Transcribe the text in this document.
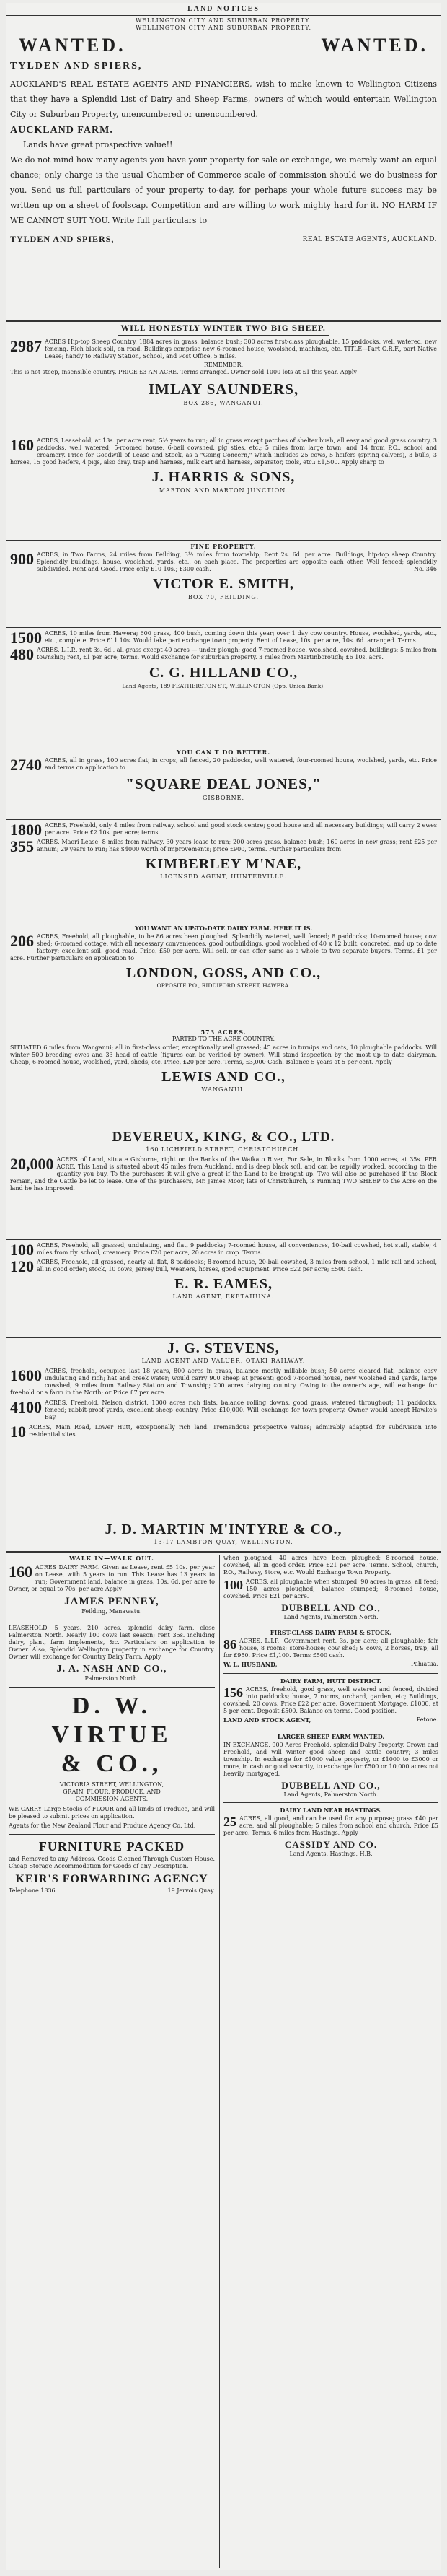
LAND NOTICES
WELLINGTON CITY AND SUBURBAN PROPERTY.
WELLINGTON CITY AND SUBURBAN PROPERTY.
WANTED.	WANTED.
TYLDEN AND SPIERS,

AUCKLAND'S REAL ESTATE AGENTS AND FINANCIERS, wish to make known to Wellington Citizens that they have a Splendid List of Dairy and Sheep Farms, owners of which would entertain Wellington City or Suburban Property, unencumbered or unencumbered.

AUCKLAND FARM.

Lands have great prospective value!!

We do not mind how many agents you have your property for sale or exchange, we merely want an equal chance; only charge is the usual Chamber of Commerce scale of commission should we do business for you. Send us full particulars of your property to-day, for perhaps your whole future success may be written up on a sheet of foolscap. Competition and are willing to work mighty hard for it. NO HARM IF WE CANNOT SUIT YOU. Write full particulars to

TYLDEN AND SPIERS,	REAL ESTATE AGENTS, AUCKLAND.
WILL HONESTLY WINTER TWO BIG SHEEP.
2987 ACRES Hip-top Sheep Country, 1884 acres in grass, balance bush; 300 acres first-class ploughable, 15 paddocks, well watered, new fencing. Rich black soil, on road. Buildings comprise new 6-roomed house, woolshed, machines, etc. TITLE—Part O.R.F., part Native Lease; handy to Railway Station, School, and Post Office, 5 miles.
REMEMBER,
This is not steep, insensible country. PRICE £3 AN ACRE. Terms arranged. Owner sold 1000 lots at £1 this year. Apply
IMLAY SAUNDERS,
BOX 286, WANGANUI.
160 ACRES, Leasehold, at 13s. per acre rent; 5½ years to run; all in grass except patches of shelter bush, all easy and good grass country, 3 paddocks, well watered; 5-roomed house, 6-bail cowshed, pig sties, etc.; 5 miles from large town, and 14 from P.O., school and creamery. Price for Goodwill of Lease and Stock, as a "Going Concern," which includes 25 cows, 5 heifers (spring calvers), 3 bulls, 3 horses, 15 good heifers, 4 pigs, also dray, trap and harness, milk cart and harness, separator, tools, etc.: £1,500. Apply sharp to
J. HARRIS & SONS,
MARTON AND MARTON JUNCTION.
FINE PROPERTY.
900 ACRES, in Two Farms, 24 miles from Feilding, 3½ miles from township; Rent 2s. 6d. per acre. Buildings, hip-top sheep Country. Splendidly buildings, house, woolshed, yards, etc., on each place. The properties are opposite each other. Well fenced; splendidly subdivided. Rent and Good. Price only £10 10s.; £300 cash.	No. 346
VICTOR E. SMITH,
BOX 70, FEILDING.
1500 ACRES, 10 miles from Hawera; 600 grass, 400 bush, coming down this year; over 1 day cow country. House, woolshed, yards, etc., etc., complete. Price £11 10s. Would take part exchange town property. Rent of Lease, 10s. per acre, 10s. 6d. arranged. Terms.
480 ACRES, L.I.P., rent 3s. 6d., all grass except 40 acres — under plough; good 7-roomed house, woolshed, cowshed, buildings; 5 miles from township; rent, £1 per acre; terms. Would exchange for suburban property. 3 miles from Martinborough; £6 10s. acre.
C. G. HILLAND CO.,
Land Agents, 189 FEATHERSTON ST., WELLINGTON (Opp. Union Bank).
YOU CAN'T DO BETTER.
2740 ACRES, all in grass, 100 acres flat; in crops, all fenced, 20 paddocks, well watered, four-roomed house, woolshed, yards, etc. Price and terms on application to
"SQUARE DEAL JONES,"
GISBORNE.
1800 ACRES, Freehold, only 4 miles from railway, school and good stock centre; good house and all necessary buildings; will carry 2 ewes per acre. Price £2 10s. per acre; terms.
355 ACRES, Maori Lease, 8 miles from railway, 30 years lease to run; 200 acres grass, balance bush; 160 acres in new grass; rent £25 per annum; 29 years to run; has $4000 worth of improvements; price £900, terms. Further particulars from
KIMBERLEY M'NAE,
LICENSED AGENT, HUNTERVILLE.
YOU WANT AN UP-TO-DATE DAIRY FARM. HERE IT IS.
206 ACRES, Freehold, all ploughable, to be 86 acres been ploughed. Splendidly watered, well fenced; 8 paddocks; 10-roomed house; cow shed; 6-roomed cottage, with all necessary conveniences, good outbuildings, good woolshed of 40 x 12 built, concreted, and up to date factory; excellent soil, good road, Price, £50 per acre. Will sell, or can offer same as a whole to two separate buyers. Terms, £1 per acre. Further particulars on application to
LONDON, GOSS, AND CO.,
OPPOSITE P.O., RIDDIFORD STREET, HAWERA.
573 ACRES.
PARTED TO THE ACRE COUNTRY.
SITUATED 6 miles from Wanganui; all in first-class order, exceptionally well grassed; 45 acres in turnips and oats, 10 ploughable paddocks. Will winter 500 breeding ewes and 33 head of cattle (figures can be verified by owner). Will stand inspection by the most up to date dairyman. Cheap, 6-roomed house, woolshed, yard, sheds, etc. Price, £20 per acre. Terms, £3,000 Cash. Balance 5 years at 5 per cent. Apply
LEWIS AND CO.,
WANGANUI.
DEVEREUX, KING, & CO., LTD.
160 LICHFIELD STREET, CHRISTCHURCH.
20,000 ACRES of Land, situate Gisborne, right on the Banks of the Waikato River, For Sale, in Blocks from 1000 acres, at 35s. PER ACRE. This Land is situated about 45 miles from Auckland, and is deep black soil, and can be rapidly worked, according to the quantity you buy. To the purchasers it will give a great if the Land to be brought up. Two will also be purchased if the Block remain, and the Cattle be let to lease. One of the purchasers, Mr. James Moor, late of Christchurch, is running TWO SHEEP to the Acre on the land he has improved.
100 ACRES, Freehold, all grassed, undulating, and flat, 9 paddocks; 7-roomed house, all conveniences, 10-bail cowshed, hot stall, stable; 4 miles from rly. school, creamery. Price £20 per acre, 20 acres in crop. Terms.
120 ACRES, Freehold, all grassed, nearly all flat, 8 paddocks; 8-roomed house, 20-bail cowshed, 3 miles from school, 1 mile rail and school, all in good order; stock, 10 cows, Jersey bull, weaners, horses, good equipment. Price £22 per acre; £500 cash.
E. R. EAMES,
LAND AGENT, EKETAHUNA.
J. G. STEVENS,
LAND AGENT AND VALUER, OTAKI RAILWAY.
1600 ACRES, freehold, occupied last 18 years, 800 acres in grass, balance mostly millable bush; 50 acres cleared flat, balance easy undulating and rich; hat and creek water; would carry 900 sheep at present; good 7-roomed house, new woolshed and yards, large cowshed, 9 miles from Railway Station and Township; 200 acres dairying country. Owing to the owner's age, will exchange for freehold or a farm in the North; or Price £7 per acre.
4100 ACRES, Freehold, Nelson district, 1000 acres rich flats, balance rolling downs, good grass, watered throughout; 11 paddocks, fenced; rabbit-proof yards, excellent sheep country. Price £10,000. Will exchange for town property. Owner would accept Hawke's Bay.
10 ACRES, Main Road, Lower Hutt, exceptionally rich land. Tremendous prospective values; admirably adapted for subdivision into residential sites.
J. D. MARTIN M'INTYRE & CO.,
13-17 LAMBTON QUAY, WELLINGTON.
WALK IN—WALK OUT.
160 ACRES DAIRY FARM. Given as Lease, rent £5 10s. per year on Lease, with 5 years to run. This Lease has 13 years to run; Government land, balance in grass, 10s. 6d. per acre to Owner, or equal to 70s. per acre Apply
JAMES PENNEY,
Feilding, Manawatu.
LEASEHOLD, 5 years, 210 acres, splendid dairy farm, close Palmerston North. Nearly 100 cows last season; rent 35s. including dairy, plant, farm implements, &c. Particulars on application to Owner. Also, Splendid Wellington property in exchange for Country. Owner will exchange for Country Dairy Farm. Apply
J. A. NASH AND CO.,
Palmerston North.
D. W. VIRTUE
& CO.,
VICTORIA STREET, WELLINGTON,
GRAIN, FLOUR, PRODUCE, AND
COMMISSION AGENTS.
WE CARRY Large Stocks of FLOUR and all kinds of Produce, and will be pleased to submit prices on application.
Agents for the New Zealand Flour and Produce Agency Co. Ltd.
FURNITURE PACKED
and Removed to any Address. Goods Cleaned Through Custom House. Cheap Storage Accommodation for Goods of any Description.
KEIR'S FORWARDING AGENCY
Telephone 1836.	19 Jervois Quay.
when ploughed, 40 acres have been ploughed; 8-roomed house, cowshed, all in good order. Price £21 per acre. Terms. School, church, P.O., Railway, Store, etc. Would Exchange Town Property.
100 ACRES, all ploughable when stumped, 90 acres in grass, all feed; 150 acres ploughed, balance stumped; 8-roomed house, cowshed. Price £21 per acre.
DUBBELL AND CO.,
Land Agents, Palmerston North.
FIRST-CLASS DAIRY FARM & STOCK.
86 ACRES, L.I.P., Government rent, 3s. per acre; all ploughable; fair house, 8 rooms; store-house; cow shed; 9 cows, 2 horses, trap; all for £950. Price £1,100. Terms £500 cash.
W. L. HUSBAND,	Pahiatua.
DAIRY FARM, HUTT DISTRICT.
156 ACRES, freehold, good grass, well watered and fenced, divided into paddocks; house, 7 rooms, orchard, garden, etc; Buildings, cowshed, 20 cows. Price £22 per acre. Government Mortgage, £1000, at 5 per cent. Deposit £500. Balance on terms. Good position.
LAND AND STOCK AGENT,	Petone.
LARGER SHEEP FARM WANTED.
IN EXCHANGE, 900 Acres Freehold, splendid Dairy Property, Crown and Freehold, and will winter good sheep and cattle country; 3 miles township. In exchange for £1000 value property, or £1000 to £3000 or more, in cash or good security, to exchange for £500 or 10,000 acres not heavily mortgaged.
DUBBELL AND CO.,
Land Agents, Palmerston North.
DAIRY LAND NEAR HASTINGS.
25 ACRES, all good, and can be used for any purpose; grass £40 per acre, and all ploughable; 5 miles from school and church. Price £5 per acre. Terms. 6 miles from Hastings. Apply
CASSIDY AND CO.
Land Agents, Hastings, H.B.
